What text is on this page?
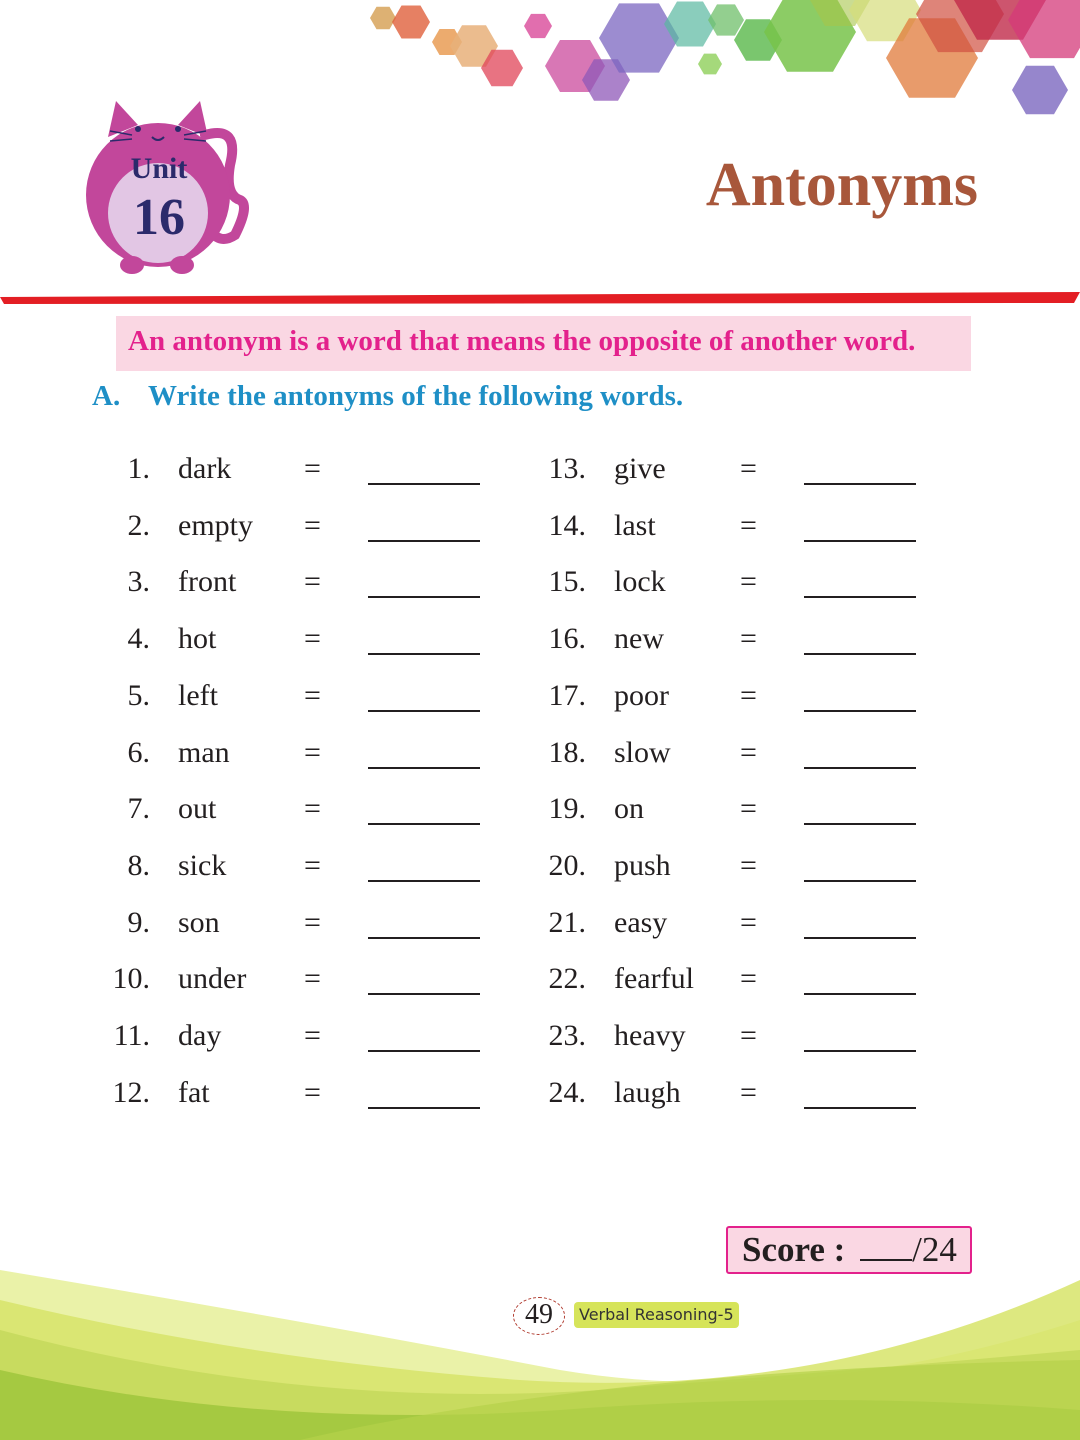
Unit
16	Antonyms
An antonym is a word that means the opposite of another word.
A. Write the antonyms of the following words.
1. dark =
2. empty =
3. front =
4. hot	=
5. left	=
6. man =
7. out	=
8. sick	=
9. son	=
10. under =
11. day	=
12. fat	=
13. give =
14. last	=
15. lock =
16. new	=
17. poor =
18. slow =
19. on	=
20. push =
21. easy =
22. fearful =
23. heavy =
24. laugh =
Score : /24
49	Verbal Reasoning-5
